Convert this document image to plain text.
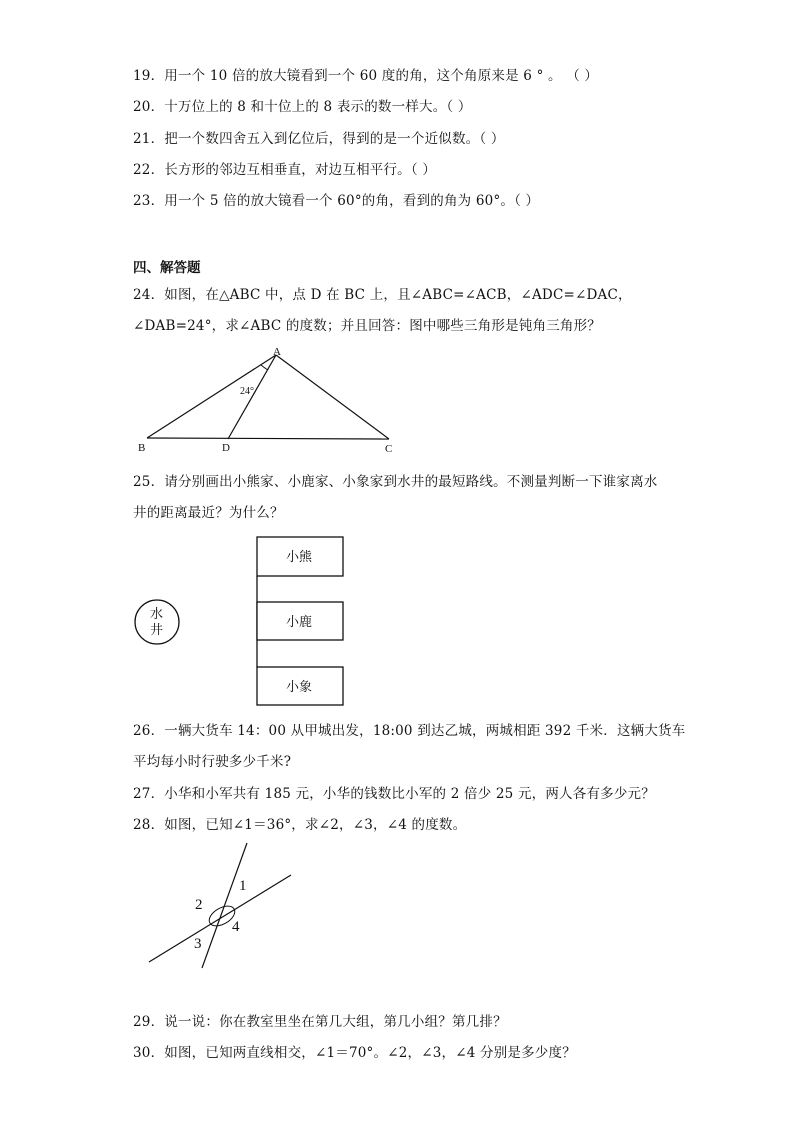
19．用一个 10 倍的放大镜看到一个 60 度的角，这个角原来是 6 ° 。 （ ）
20．十万位上的 8 和十位上的 8 表示的数一样大。（ ）
21．把一个数四舍五入到亿位后，得到的是一个近似数。（ ）
22．长方形的邻边互相垂直，对边互相平行。（ ）
23．用一个 5 倍的放大镜看一个 60°的角，看到的角为 60°。（ ）
四、解答题
24．如图，在△ABC 中，点 D 在 BC 上，且∠ABC=∠ACB，∠ADC=∠DAC，
∠DAB=24°，求∠ABC 的度数；并且回答：图中哪些三角形是钝角三角形？
A
B	C
D
24°
25．请分别画出小熊家、小鹿家、小象家到水井的最短路线。不测量判断一下谁家离水
井的距离最近？为什么？
水
井
小熊
小鹿
小象
26．一辆大货车 14：00 从甲城出发，18:00 到达乙城，两城相距 392 千米．这辆大货车
平均每小时行驶多少千米?
27．小华和小军共有 185 元，小华的钱数比小军的 2 倍少 25 元，两人各有多少元？
28．如图，已知∠1＝36°，求∠2，∠3，∠4 的度数。
1
2
3
4
29．说一说：你在教室里坐在第几大组，第几小组？第几排？
30．如图，已知两直线相交，∠1＝70°。∠2，∠3，∠4 分别是多少度？
